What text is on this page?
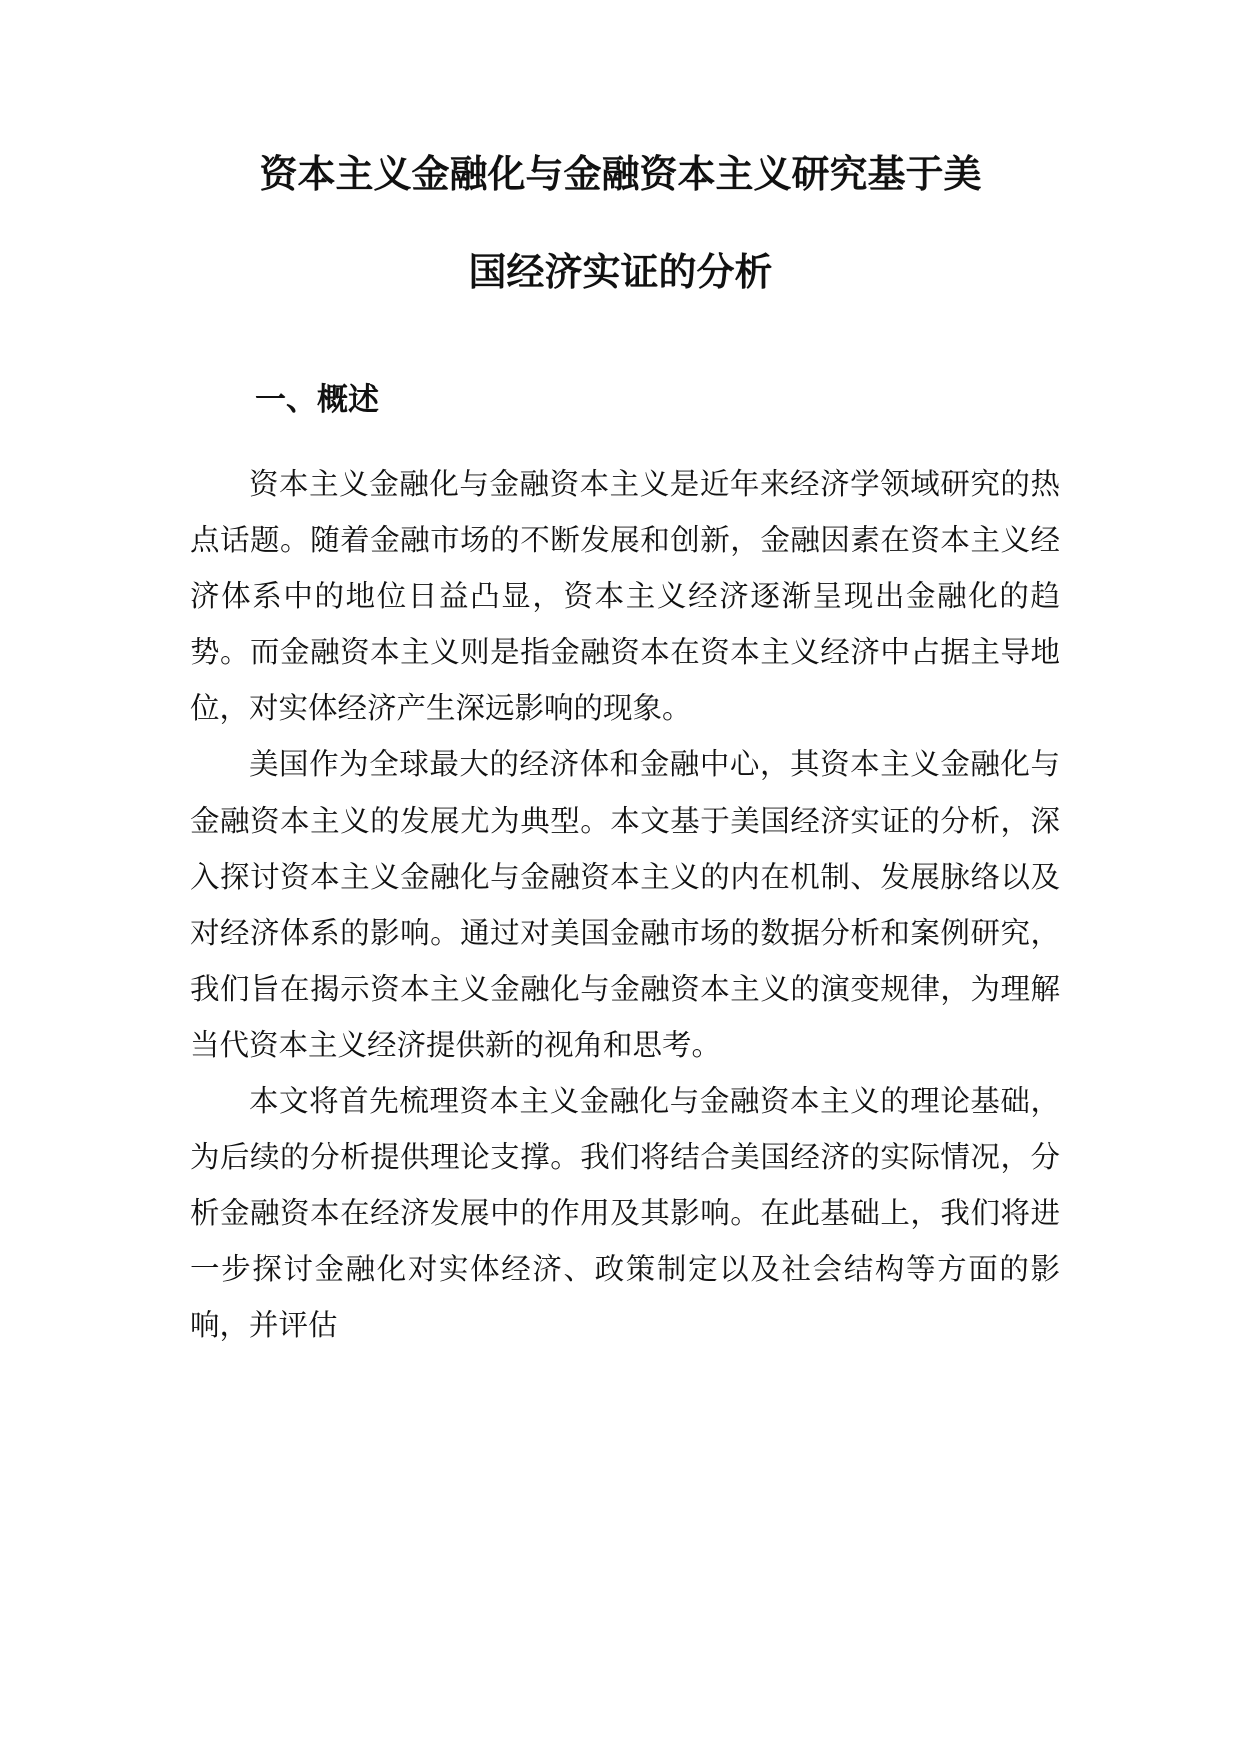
资本主义金融化与金融资本主义研究基于美
国经济实证的分析
一、概述

资本主义金融化与金融资本主义是近年来经济学领域研究的热点话题。随着金融市场的不断发展和创新，金融因素在资本主义经济体系中的地位日益凸显，资本主义经济逐渐呈现出金融化的趋势。而金融资本主义则是指金融资本在资本主义经济中占据主导地位，对实体经济产生深远影响的现象。

美国作为全球最大的经济体和金融中心，其资本主义金融化与金融资本主义的发展尤为典型。本文基于美国经济实证的分析，深入探讨资本主义金融化与金融资本主义的内在机制、发展脉络以及对经济体系的影响。通过对美国金融市场的数据分析和案例研究，我们旨在揭示资本主义金融化与金融资本主义的演变规律，为理解当代资本主义经济提供新的视角和思考。

本文将首先梳理资本主义金融化与金融资本主义的理论基础，为后续的分析提供理论支撑。我们将结合美国经济的实际情况，分析金融资本在经济发展中的作用及其影响。在此基础上，我们将进一步探讨金融化对实体经济、政策制定以及社会结构等方面的影响，并评估
